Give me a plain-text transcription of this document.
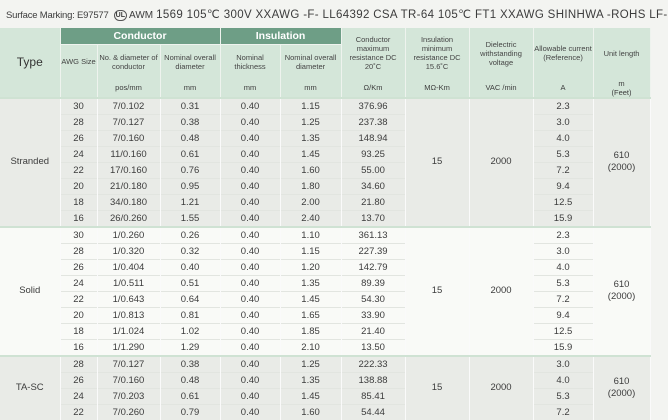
Surface Marking: E97577 UL AWM 1569 105℃ 300V XXAWG -F- LL64392 CSA TR-64 105℃ FT1 XXAWG SHINHWA -ROHS LF-
Type	Conductor			Insulation		Conductor maximum resistance DC 20˚C	Insulation minimum resistance DC 15.6˚C	Dielectric withstanding voltage	Allowable current (Reference)	Unit length
	AWG Size	No. & diameter of conductor	Nominal overall diameter	Nominal thickness	Nominal overall diameter					
		pos/mm	mm	mm	mm	Ω/Km	MΩ-Km	VAC /min	A	m
(Feet)
Stranded	30	7/0.102	0.31	0.40	1.15	376.96	15	2000	2.3	610
(2000)
	28	7/0.127	0.38	0.40	1.25	237.38			3.0	
	26	7/0.160	0.48	0.40	1.35	148.94			4.0	
	24	11/0.160	0.61	0.40	1.45	93.25			5.3	
	22	17/0.160	0.76	0.40	1.60	55.00			7.2	
	20	21/0.180	0.95	0.40	1.80	34.60			9.4	
	18	34/0.180	1.21	0.40	2.00	21.80			12.5	
	16	26/0.260	1.55	0.40	2.40	13.70			15.9	
Solid	30	1/0.260	0.26	0.40	1.10	361.13	15	2000	2.3	610
(2000)
	28	1/0.320	0.32	0.40	1.15	227.39			3.0	
	26	1/0.404	0.40	0.40	1.20	142.79			4.0	
	24	1/0.511	0.51	0.40	1.35	89.39			5.3	
	22	1/0.643	0.64	0.40	1.45	54.30			7.2	
	20	1/0.813	0.81	0.40	1.65	33.90			9.4	
	18	1/1.024	1.02	0.40	1.85	21.40			12.5	
	16	1/1.290	1.29	0.40	2.10	13.50			15.9	
TA-SC	28	7/0.127	0.38	0.40	1.25	222.33	15	2000	3.0	610
(2000)
	26	7/0.160	0.48	0.40	1.35	138.88			4.0	
	24	7/0.203	0.61	0.40	1.45	85.41			5.3	
	22	7/0.260	0.79	0.40	1.60	54.44			7.2	
